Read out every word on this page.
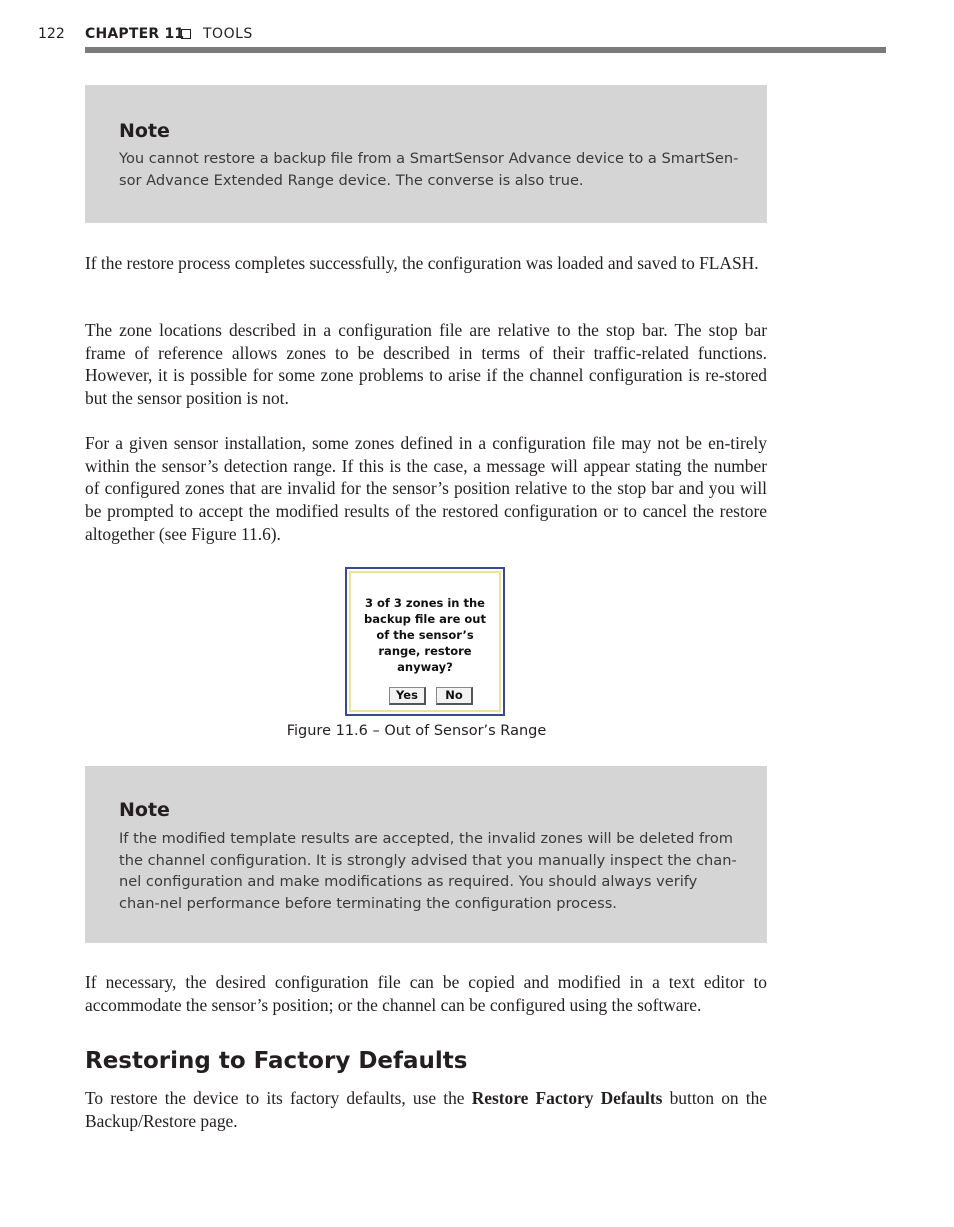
122 CHAPTER 11 TOOLS

Note

You cannot restore a backup file from a SmartSensor Advance device to a SmartSen-sor Advance Extended Range device. The converse is also true.

If the restore process completes successfully, the configuration was loaded and saved to FLASH.

The zone locations described in a configuration file are relative to the stop bar. The stop bar frame of reference allows zones to be described in terms of their traffic-related functions. However, it is possible for some zone problems to arise if the channel configuration is re-stored but the sensor position is not.

For a given sensor installation, some zones defined in a configuration file may not be en-tirely within the sensor’s detection range. If this is the case, a message will appear stating the number of configured zones that are invalid for the sensor’s position relative to the stop bar and you will be prompted to accept the modified results of the restored configuration or to cancel the restore altogether (see Figure 11.6).

3 of 3 zones in the backup file are out of the sensor’s range, restore anyway?
Yes	No
Figure 11.6 – Out of Sensor’s Range

Note

If the modified template results are accepted, the invalid zones will be deleted from the channel configuration. It is strongly advised that you manually inspect the chan-nel configuration and make modifications as required. You should always verify chan-nel performance before terminating the configuration process.

If necessary, the desired configuration file can be copied and modified in a text editor to accommodate the sensor’s position; or the channel can be configured using the software.

Restoring to Factory Defaults

To restore the device to its factory defaults, use the Restore Factory Defaults button on the Backup/Restore page.
